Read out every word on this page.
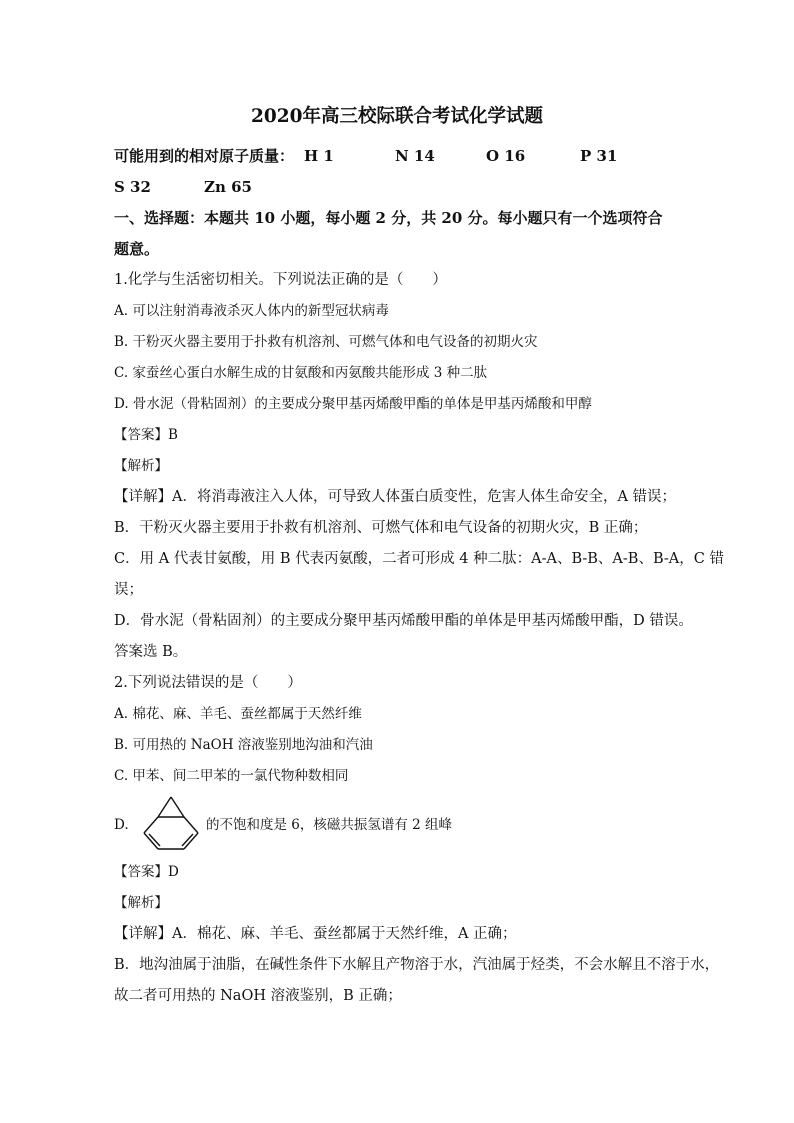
2020年高三校际联合考试化学试题
可能用到的相对原子质量： H 1	N 14	O 16	P 31
S 32	Zn 65
一、选择题：本题共 10 小题，每小题 2 分，共 20 分。每小题只有一个选项符合
题意。
1.化学与生活密切相关。下列说法正确的是（　　）
A. 可以注射消毒液杀灭人体内的新型冠状病毒
B. 干粉灭火器主要用于扑救有机溶剂、可燃气体和电气设备的初期火灾
C. 家蚕丝心蛋白水解生成的甘氨酸和丙氨酸共能形成 3 种二肽
D. 骨水泥（骨粘固剂）的主要成分聚甲基丙烯酸甲酯的单体是甲基丙烯酸和甲醇
【答案】B
【解析】
【详解】A．将消毒液注入人体，可导致人体蛋白质变性，危害人体生命安全，A 错误；
B．干粉灭火器主要用于扑救有机溶剂、可燃气体和电气设备的初期火灾，B 正确；
C．用 A 代表甘氨酸，用 B 代表丙氨酸，二者可形成 4 种二肽：A-A、B-B、A-B、B-A，C 错
误；
D．骨水泥（骨粘固剂）的主要成分聚甲基丙烯酸甲酯的单体是甲基丙烯酸甲酯，D 错误。
答案选 B。
2.下列说法错误的是（　　）
A. 棉花、麻、羊毛、蚕丝都属于天然纤维
B. 可用热的 NaOH 溶液鉴别地沟油和汽油
C. 甲苯、间二甲苯的一氯代物种数相同
D.	的不饱和度是 6，核磁共振氢谱有 2 组峰
【答案】D
【解析】
【详解】A．棉花、麻、羊毛、蚕丝都属于天然纤维，A 正确；
B．地沟油属于油脂，在碱性条件下水解且产物溶于水，汽油属于烃类，不会水解且不溶于水，
故二者可用热的 NaOH 溶液鉴别，B 正确；
